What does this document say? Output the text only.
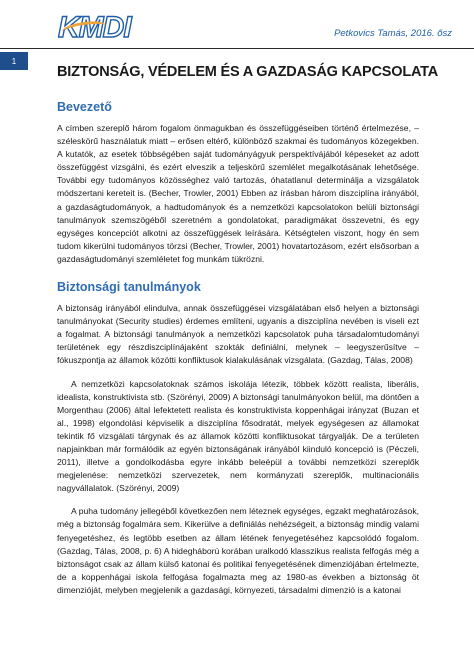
KMDI	Petkovics Tamás, 2016. ősz
1
BIZTONSÁG, VÉDELEM ÉS A GAZDASÁG KAPCSOLATA
Bevezető

A címben szereplő három fogalom önmagukban és összefüggéseiben történő értelmezése, – széleskörű használatuk miatt – erősen eltérő, különböző szakmai és tudományos közegekben. A kutatók, az esetek többségében saját tudományágyuk perspektívájából képeseket az adott összefüggést vizsgálni, és ezért elveszik a teljeskörű szemlélet megalkotásának lehetősége. További egy tudományos közösséghez való tartozás, óhatatlanul determinálja a vizsgálatok módszertani kereteit is. (Becher, Trowler, 2001) Ebben az írásban három diszciplína irányából, a gazdaságtudományok, a hadtudományok és a nemzetközi kapcsolatokon belüli biztonsági tanulmányok szemszögéből szeretném a gondolatokat, paradigmákat összevetni, és egy egységes koncepciót alkotni az összefüggések leírására. Kétségtelen viszont, hogy én sem tudom kikerülni tudományos törzsi (Becher, Trowler, 2001) hovatartozásom, ezért elsősorban a gazdaságtudományi szemléletet fog munkám tükrözni.

Biztonsági tanulmányok

A biztonság irányából elindulva, annak összefüggései vizsgálatában első helyen a biztonsági tanulmányokat (Security studies) érdemes említeni, ugyanis a diszciplína nevében is viseli ezt a fogalmat. A biztonsági tanulmányok a nemzetközi kapcsolatok puha társadalomtudományi területének egy részdiszciplínájaként szokták definiálni, melynek – leegyszerűsítve – fókuszpontja az államok közötti konfliktusok kialakulásának vizsgálata. (Gazdag, Tálas, 2008)

A nemzetközi kapcsolatoknak számos iskolája létezik, többek között realista, liberális, idealista, konstruktivista stb. (Szörényi, 2009) A biztonsági tanulmányokon belül, ma döntően a Morgenthau (2006) által lefektetett realista és konstruktivista koppenhágai irányzat (Buzan et al., 1998) elgondolási képviselik a diszciplína fősodratát, melyek egységesen az államokat tekintik fő vizsgálati tárgynak és az államok közötti konfliktusokat tárgyalják. De a területen napjainkban már formálódik az egyén biztonságának irányából kiinduló koncepció is (Péczeli, 2011), illetve a gondolkodásba egyre inkább beleépül a további nemzetközi szereplők megjelenése: nemzetközi szervezetek, nem kormányzati szereplők, multinacionális nagyvállalatok. (Szörényi, 2009)

A puha tudomány jellegéből következően nem léteznek egységes, egzakt meghatározások, még a biztonság fogalmára sem. Kikerülve a definiálás nehézségeit, a biztonság mindig valami fenyegetéshez, és legtöbb esetben az állam létének fenyegetéséhez kapcsolódó fogalom. (Gazdag, Tálas, 2008, p. 6) A hidegháború korában uralkodó klasszikus realista felfogás még a biztonságot csak az állam külső katonai és politikai fenyegetésének dimenziójában értelmezte, de a koppenhágai iskola felfogása fogalmazta meg az 1980-as években a biztonság öt dimenzióját, melyben megjelenik a gazdasági, környezeti, társadalmi dimenzió is a katonai
